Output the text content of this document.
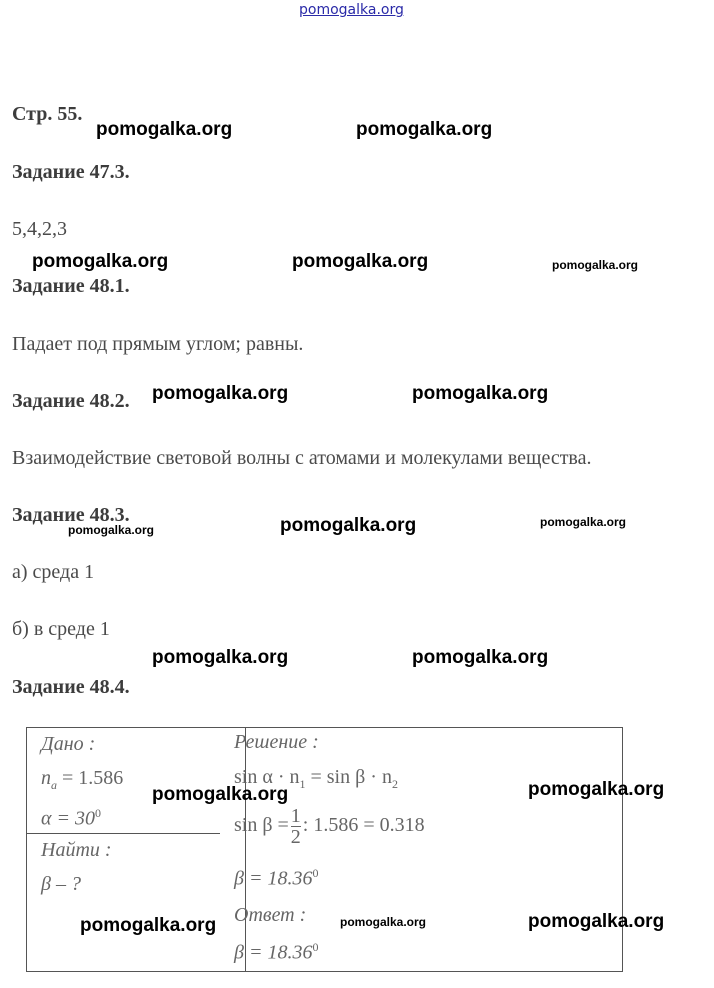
pomogalka.org
Стр. 55.
Задание 47.3.
5,4,2,3
Задание 48.1.
Падает под прямым углом; равны.
Задание 48.2.
Взаимодействие световой волны с атомами и молекулами вещества.
Задание 48.3.
а) среда 1
б) в среде 1
Задание 48.4.
Дано :
$n_a = 1.586$
$\alpha = 30^0$
Найти :
β – ?
Решение :
$\sin \alpha \cdot n_1 = \sin \beta \cdot n_2$
$\sin \beta = \frac{1}{2}$ : 1.586 = 0.318
$\beta = 18.36^0$
Ответ :
$\beta = 18.36^0$
pomogalka.org	pomogalka.org
pomogalka.org	pomogalka.org	pomogalka.org
pomogalka.org	pomogalka.org
pomogalka.org	pomogalka.org	pomogalka.org
pomogalka.org	pomogalka.org
pomogalka.org	pomogalka.org
pomogalka.org	pomogalka.org	pomogalka.org
